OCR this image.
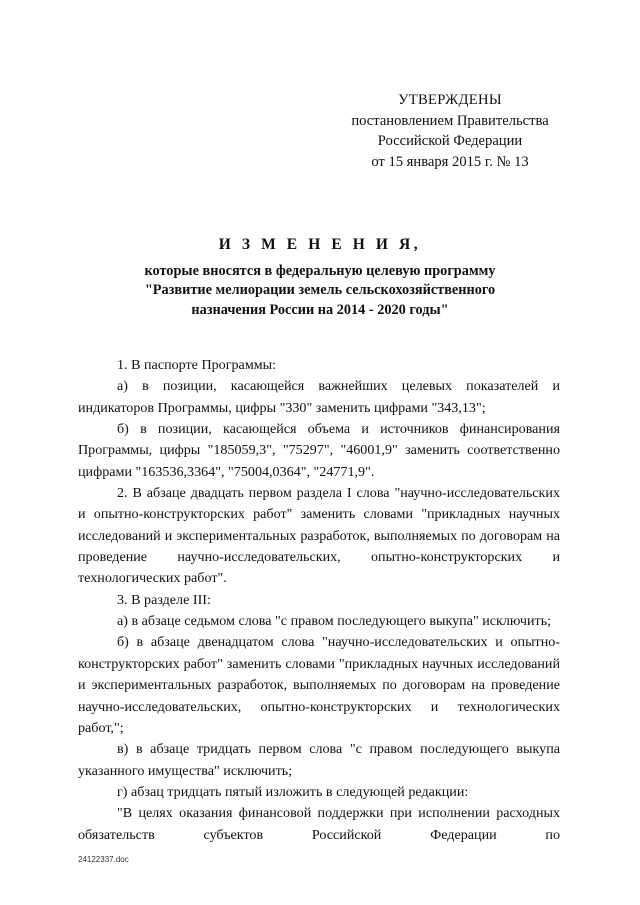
УТВЕРЖДЕНЫ
постановлением Правительства
Российской Федерации
от 15 января 2015 г. № 13
И З М Е Н Е Н И Я,
которые вносятся в федеральную целевую программу
"Развитие мелиорации земель сельскохозяйственного
назначения России на 2014 - 2020 годы"

1. В паспорте Программы:

а) в позиции, касающейся важнейших целевых показателей и индикаторов Программы, цифры "330" заменить цифрами "343,13";

б) в позиции, касающейся объема и источников финансирования Программы, цифры "185059,3", "75297", "46001,9" заменить соответственно цифрами "163536,3364", "75004,0364", "24771,9".

2. В абзаце двадцать первом раздела I слова "научно-исследовательских и опытно-конструкторских работ" заменить словами "прикладных научных исследований и экспериментальных разработок, выполняемых по договорам на проведение научно-исследовательских, опытно-конструкторских и технологических работ".

3. В разделе III:

а) в абзаце седьмом слова "с правом последующего выкупа" исключить;

б) в абзаце двенадцатом слова "научно-исследовательских и опытно-конструкторских работ" заменить словами "прикладных научных исследований и экспериментальных разработок, выполняемых по договорам на проведение научно-исследовательских, опытно-конструкторских и технологических работ,";

в) в абзаце тридцать первом слова "с правом последующего выкупа указанного имущества" исключить;

г) абзац тридцать пятый изложить в следующей редакции:

"В целях оказания финансовой поддержки при исполнении расходных обязательств субъектов Российской Федерации по

24122337.doc
